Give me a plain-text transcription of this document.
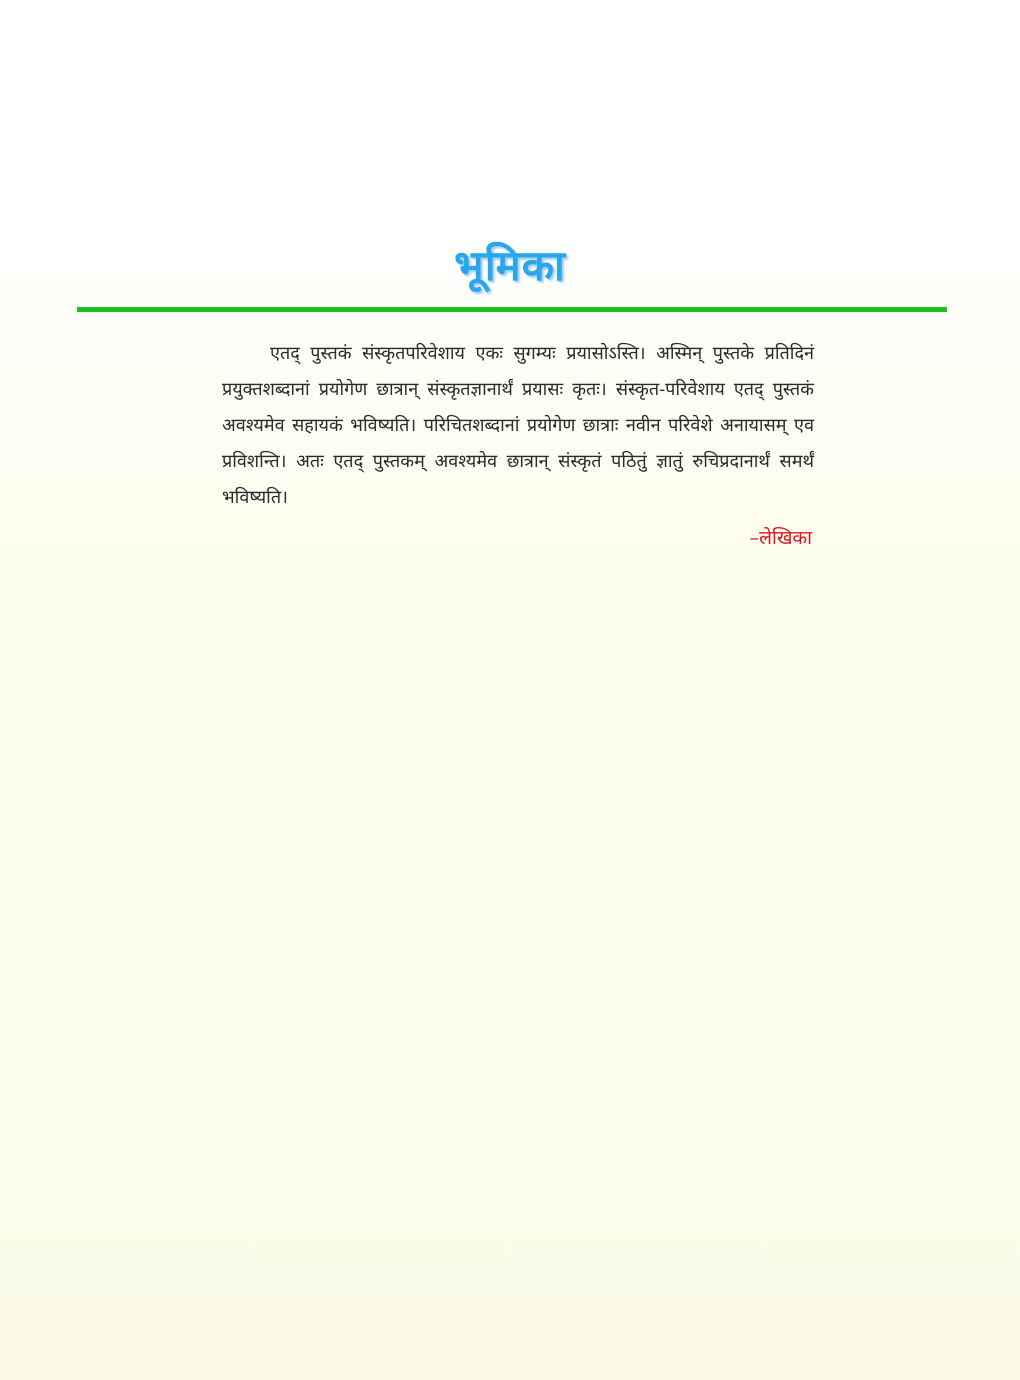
भूमिका

एतद् पुस्तकं संस्कृतपरिवेशाय एकः सुगम्यः प्रयासोऽस्ति। अस्मिन् पुस्तके प्रतिदिनं प्रयुक्तशब्दानां प्रयोगेण छात्रान् संस्कृतज्ञानार्थं प्रयासः कृतः। संस्कृत-परिवेशाय एतद् पुस्तकं अवश्यमेव सहायकं भविष्यति। परिचितशब्दानां प्रयोगेण छात्राः नवीन परिवेशे अनायासम् एव प्रविशन्ति। अतः एतद् पुस्तकम् अवश्यमेव छात्रान् संस्कृतं पठितुं ज्ञातुं रुचिप्रदानार्थं समर्थं भविष्यति।

–लेखिका
